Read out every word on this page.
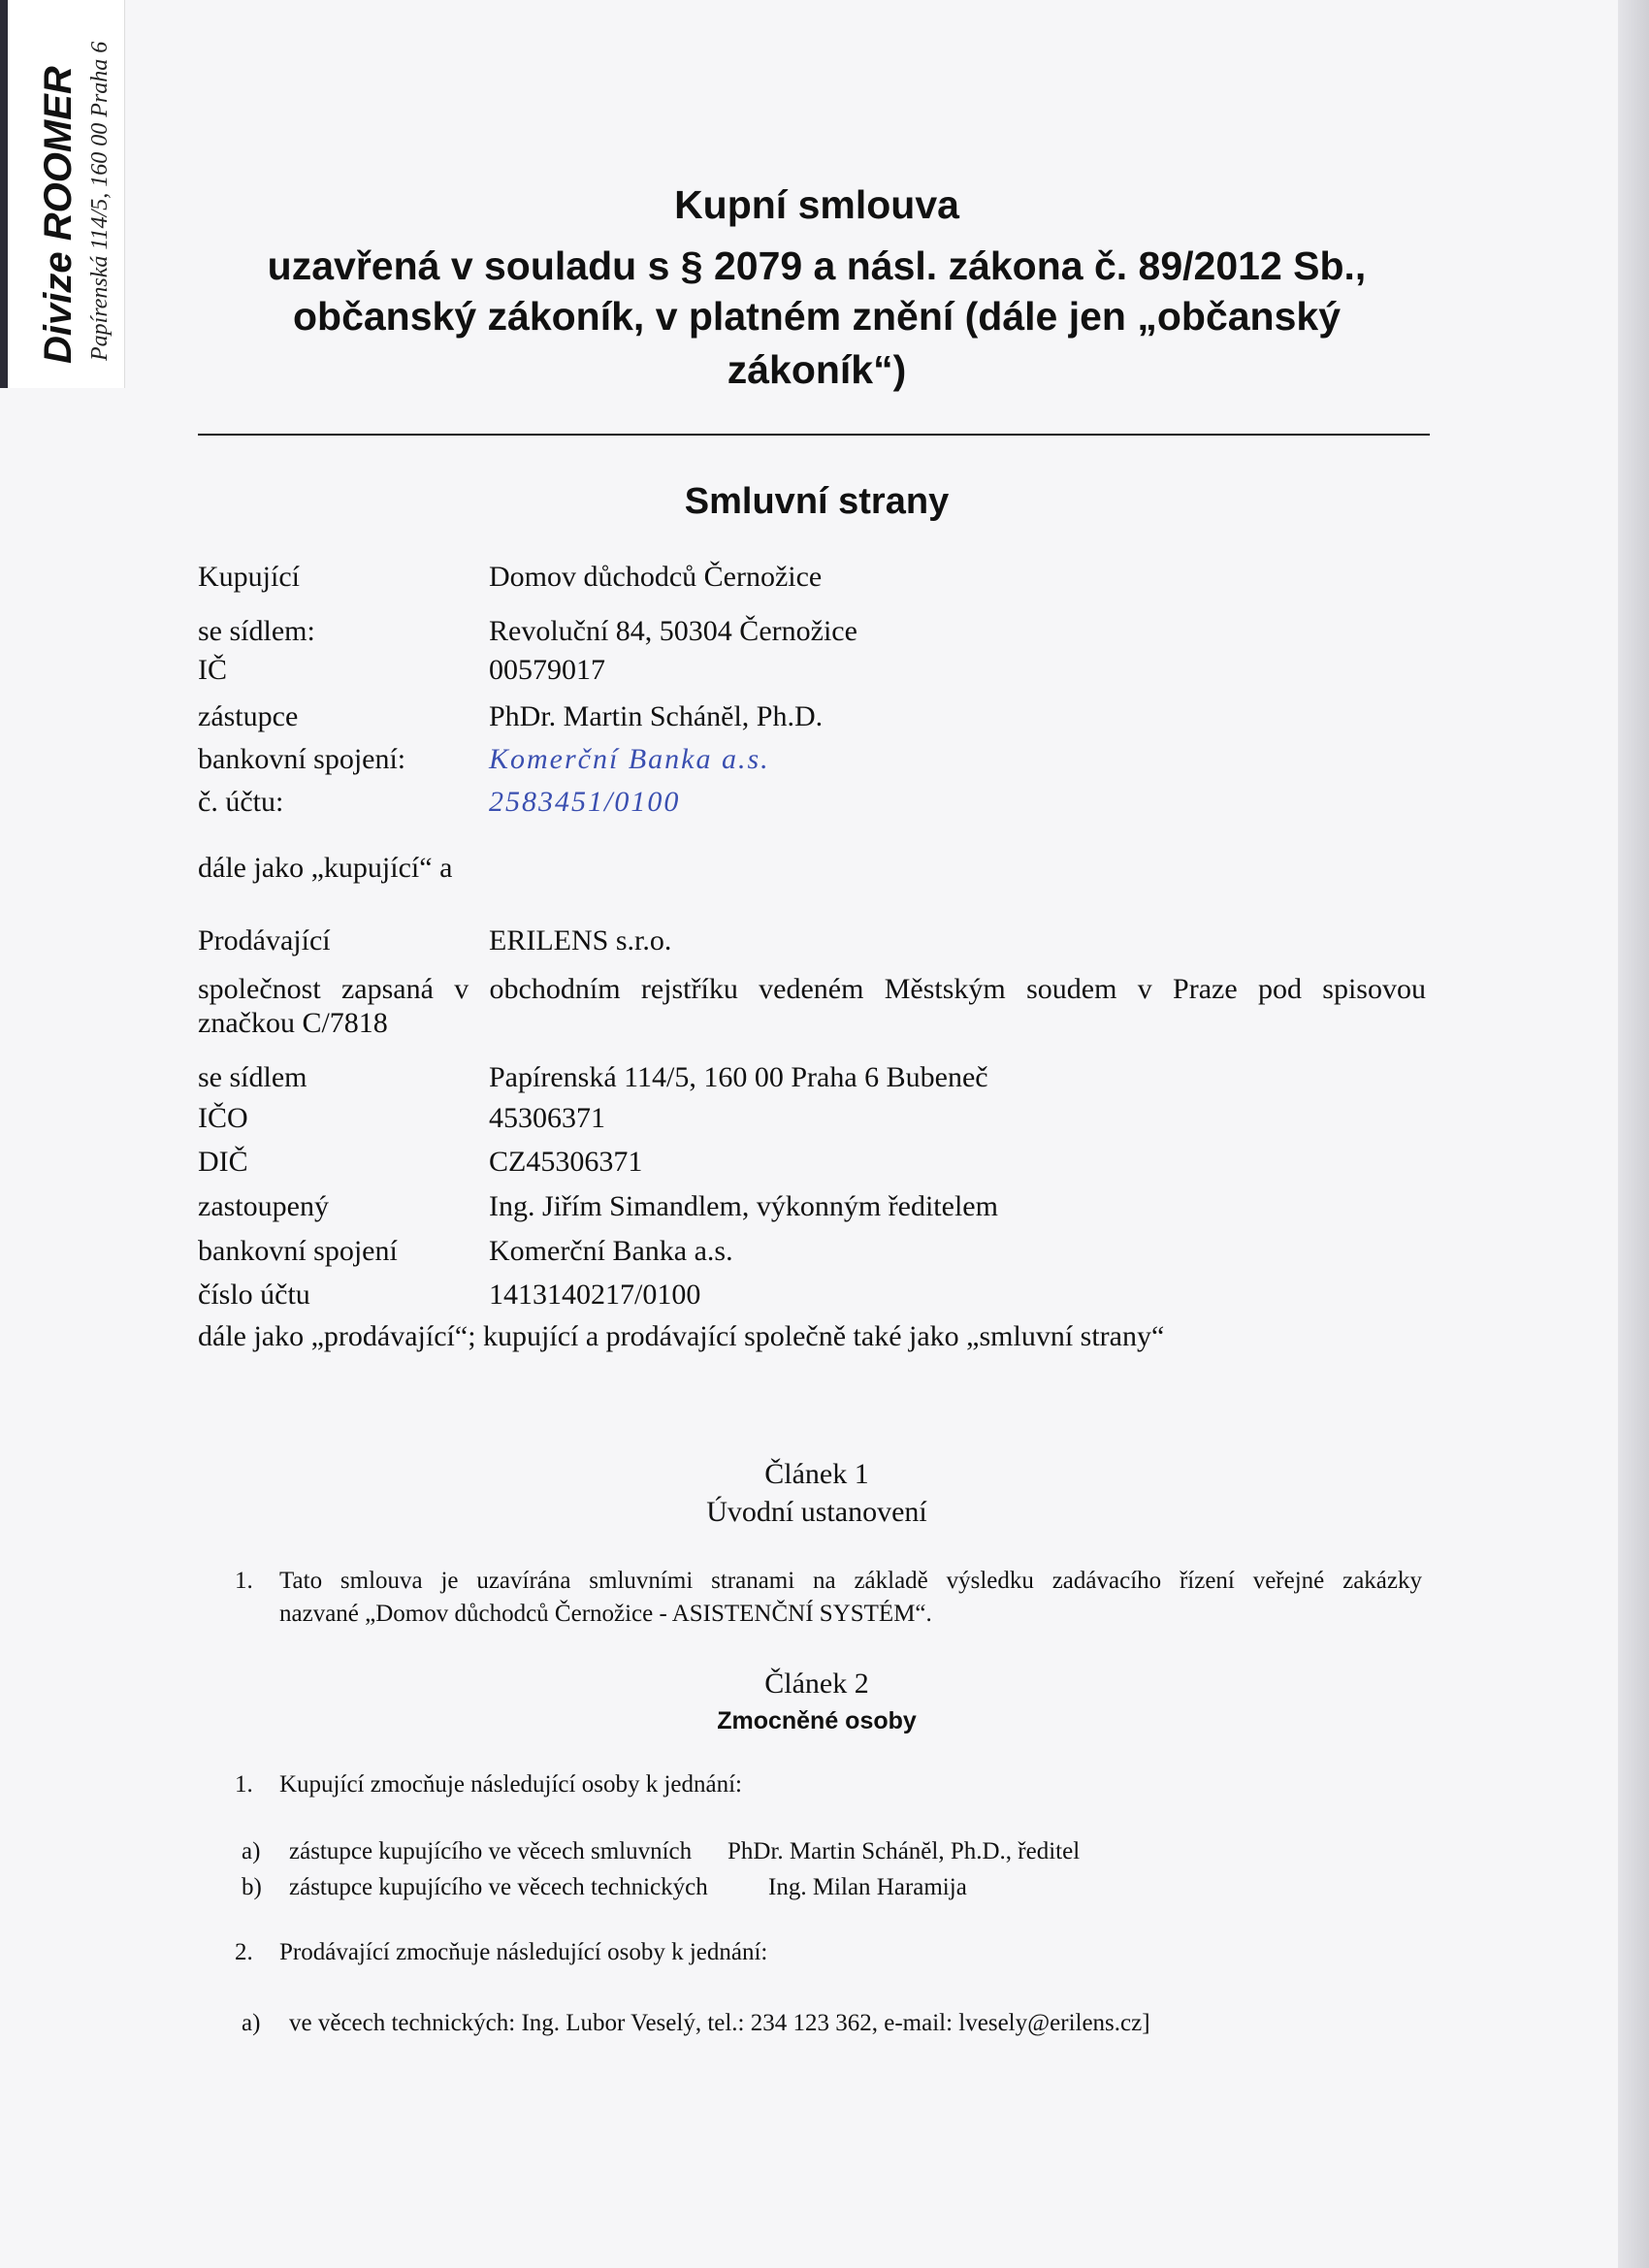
Divize ROOMER Papírenská 114/5, 160 00 Praha 6	Kupní smlouva
uzavřená v souladu s § 2079 a násl. zákona č. 89/2012 Sb.,
občanský zákoník, v platném znění (dále jen „občanský
zákoník“)
Smluvní strany
Kupující	Domov důchodců Černožice
se sídlem:	Revoluční 84, 50304 Černožice
IČ	00579017
zástupce	PhDr. Martin Schánĕl, Ph.D.
bankovní spojení:	Komerční Banka a.s.
č. účtu:	2583451/0100
dále jako „kupující“ a
Prodávající	ERILENS s.r.o.
společnost zapsaná v obchodním rejstříku vedeném Městským soudem v Praze pod spisovou
značkou C/7818
se sídlem	Papírenská 114/5, 160 00 Praha 6 Bubeneč
IČO	45306371
DIČ	CZ45306371
zastoupený	Ing. Jiřím Simandlem, výkonným ředitelem
bankovní spojení	Komerční Banka a.s.
číslo účtu	1413140217/0100
dále jako „prodávající“; kupující a prodávající společně také jako „smluvní strany“
Článek 1
Úvodní ustanovení
1. Tato smlouva je uzavírána smluvními stranami na základě výsledku zadávacího řízení veřejné zakázky
nazvané „Domov důchodců Černožice - ASISTENČNÍ SYSTÉM“.
Článek 2
Zmocněné osoby
1. Kupující zmocňuje následující osoby k jednání:
a) zástupce kupujícího ve věcech smluvních PhDr. Martin Schánĕl, Ph.D., ředitel
b) zástupce kupujícího ve věcech technických Ing. Milan Haramija
2. Prodávající zmocňuje následující osoby k jednání:
a) ve věcech technických: Ing. Lubor Veselý, tel.: 234 123 362, e-mail: lvesely@erilens.cz]
